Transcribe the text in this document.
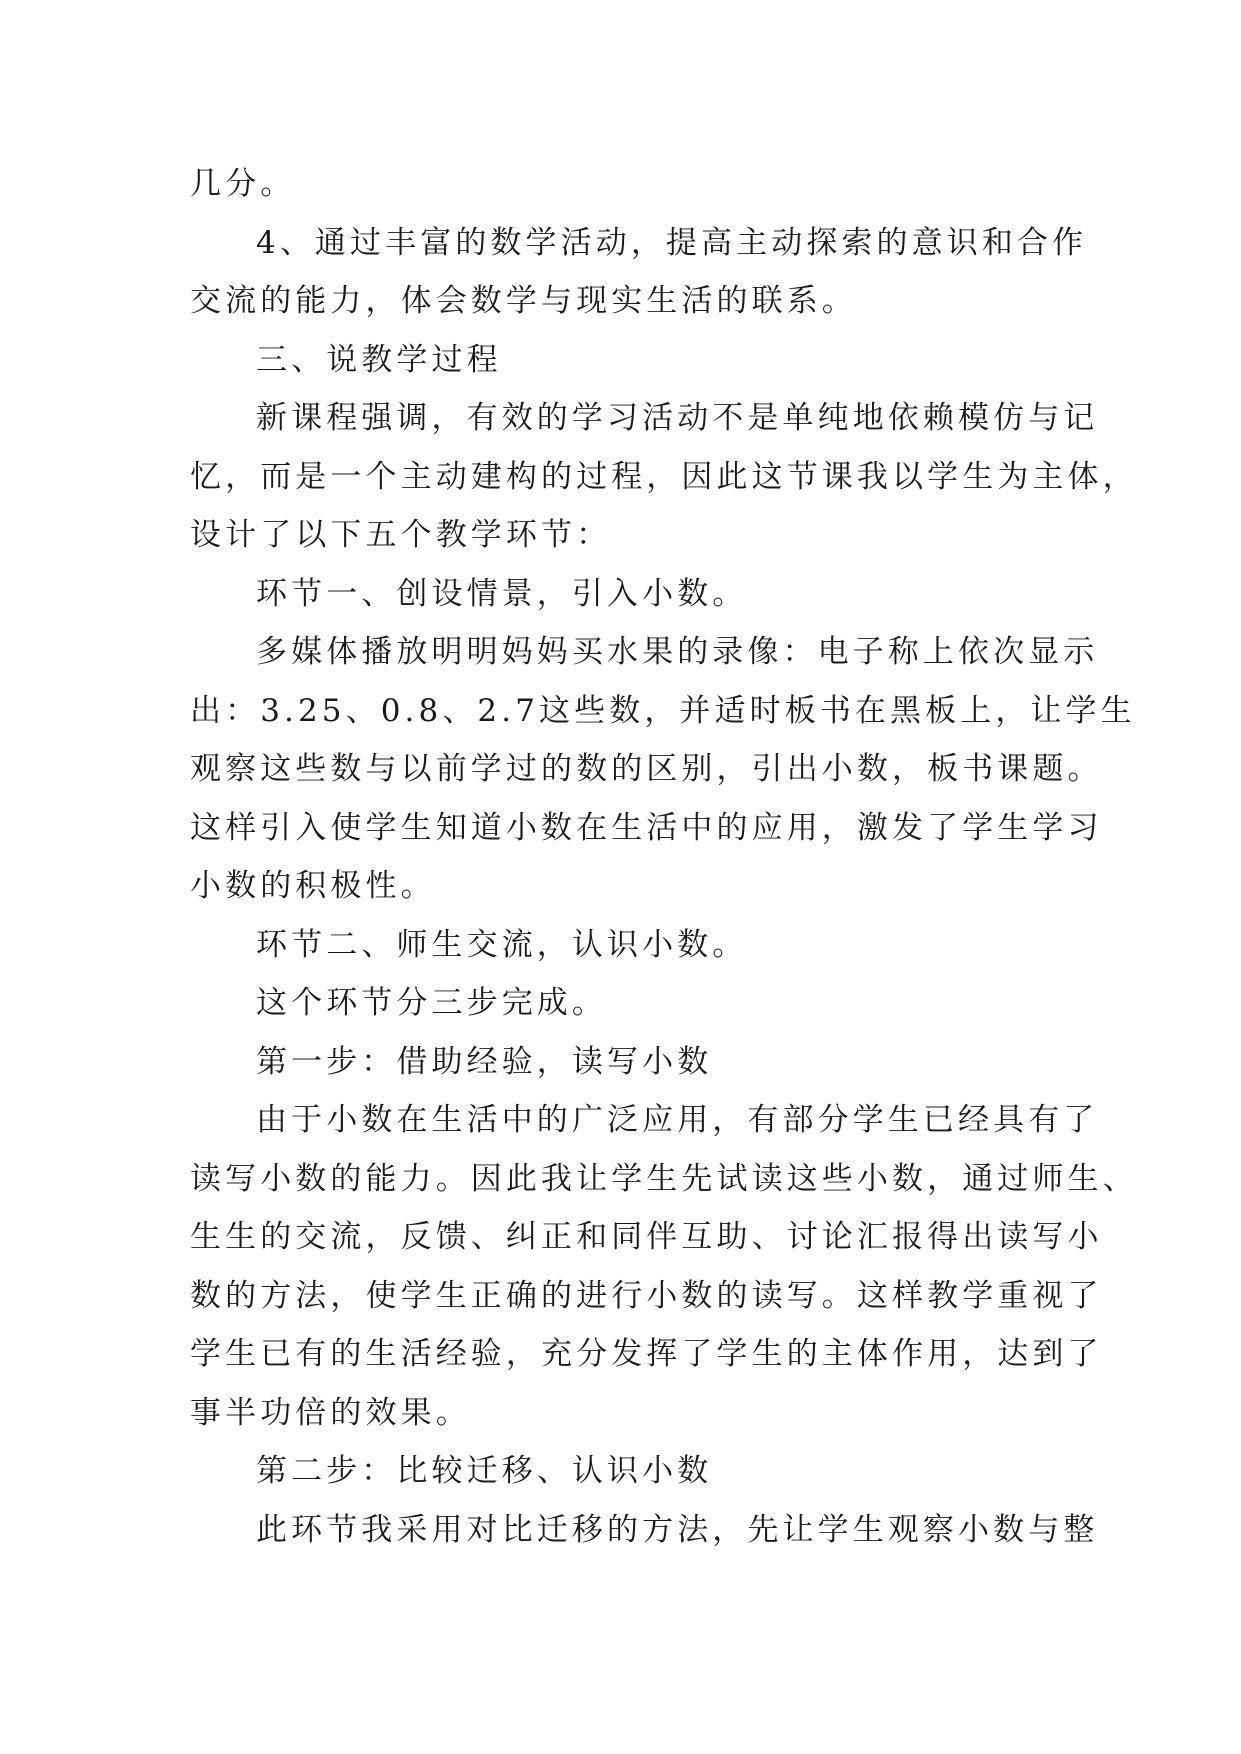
几分。

4、通过丰富的数学活动，提高主动探索的意识和合作

交流的能力，体会数学与现实生活的联系。

三、说教学过程

新课程强调，有效的学习活动不是单纯地依赖模仿与记

忆，而是一个主动建构的过程，因此这节课我以学生为主体，

设计了以下五个教学环节：

环节一、创设情景，引入小数。

多媒体播放明明妈妈买水果的录像：电子称上依次显示

出：3.25、0.8、2.7这些数，并适时板书在黑板上，让学生

观察这些数与以前学过的数的区别，引出小数，板书课题。

这样引入使学生知道小数在生活中的应用，激发了学生学习

小数的积极性。

环节二、师生交流，认识小数。

这个环节分三步完成。

第一步：借助经验，读写小数

由于小数在生活中的广泛应用，有部分学生已经具有了

读写小数的能力。因此我让学生先试读这些小数，通过师生、

生生的交流，反馈、纠正和同伴互助、讨论汇报得出读写小

数的方法，使学生正确的进行小数的读写。这样教学重视了

学生已有的生活经验，充分发挥了学生的主体作用，达到了

事半功倍的效果。

第二步：比较迁移、认识小数

此环节我采用对比迁移的方法，先让学生观察小数与整
